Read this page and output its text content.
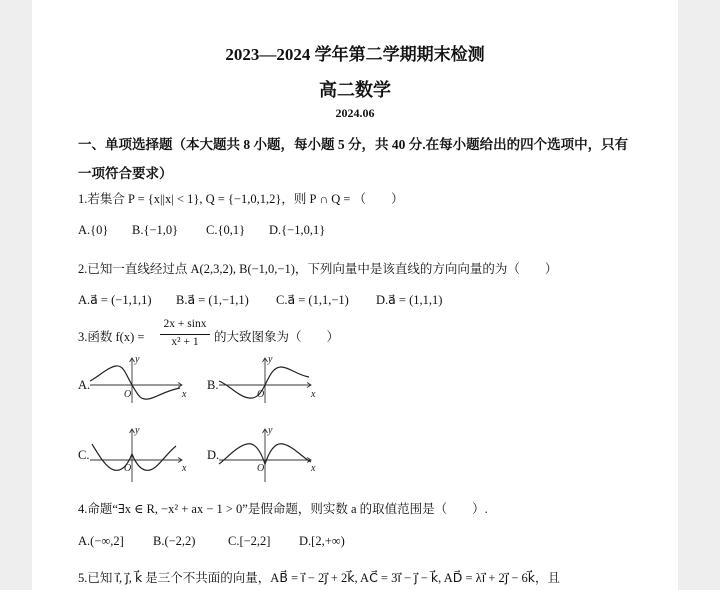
2023—2024 学年第二学期期末检测
高二数学
2024.06
一、单项选择题（本大题共 8 小题，每小题 5 分，共 40 分.在每小题给出的四个选项中，只有
一项符合要求）
1.若集合 P = {x||x| < 1}, Q = {−1,0,1,2}，则 P ∩ Q = （　　）
A.{0} B.{−1,0} C.{0,1} D.{−1,0,1}
2.已知一直线经过点 A(2,3,2), B(−1,0,−1)，下列向量中是该直线的方向向量的为（　　）
A.a⃗ = (−1,1,1) B.a⃗ = (1,−1,1) C.a⃗ = (1,1,−1) D.a⃗ = (1,1,1)
3.函数 f(x) =
2x + sinx
x² + 1	的大致图象为（　　）
A.	B.
C.	D.
y
x
O
y
x
O
y
x
O
y
x
O
4.命题“∃x ∈ R, −x² + ax − 1 > 0”是假命题，则实数 a 的取值范围是（　　）.
A.(−∞,2] B.(−2,2)	C.[−2,2] D.[2,+∞)
5.已知 i⃗, j⃗, k⃗ 是三个不共面的向量，AB⃗ = i⃗ − 2j⃗ + 2k⃗, AC⃗ = 3i⃗ − j⃗ − k⃗, AD⃗ = λi⃗ + 2j⃗ − 6k⃗，且
